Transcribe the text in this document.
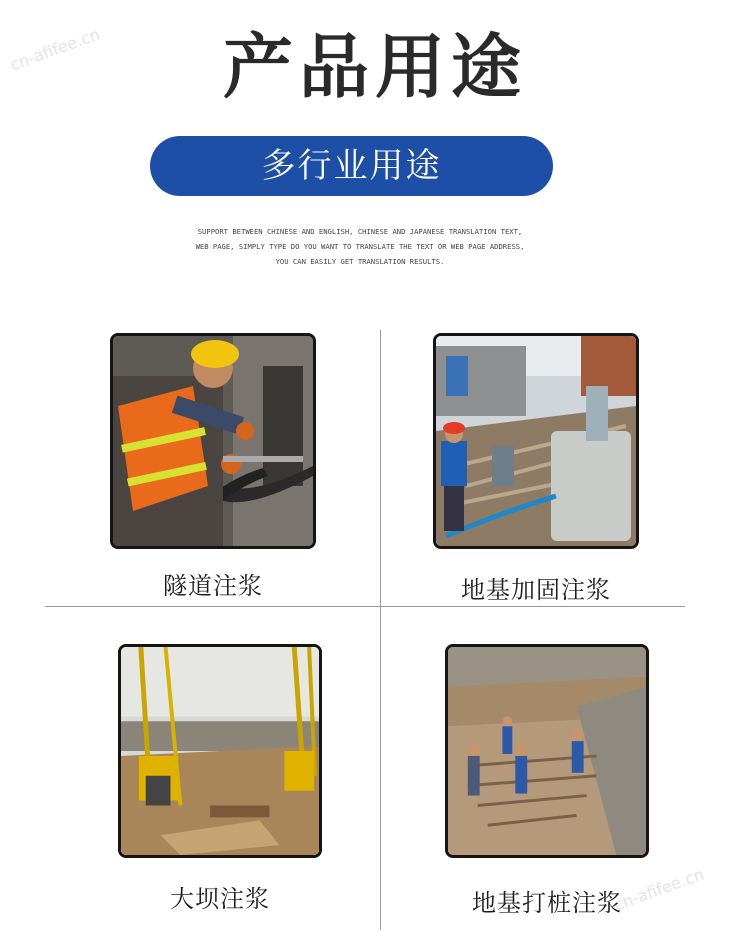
cn-afifee.cn
cn-afifee.cn
产品用途
多行业用途
SUPPORT BETWEEN CHINESE AND ENGLISH, CHINESE AND JAPANESE TRANSLATION TEXT, WEB PAGE, SIMPLY TYPE DO YOU WANT TO TRANSLATE THE TEXT OR WEB PAGE ADDRESS, YOU CAN EASILY GET TRANSLATION RESULTS.
隧道注浆	地基加固注浆
大坝注浆	地基打桩注浆
